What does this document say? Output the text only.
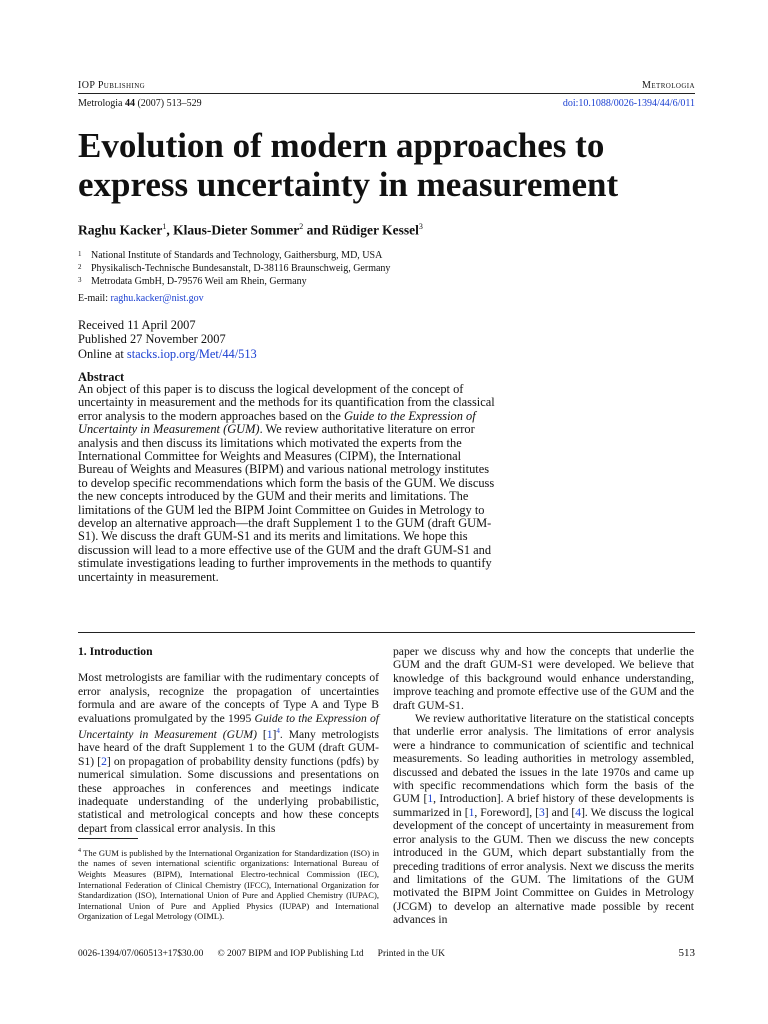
IOP Publishing	Metrologia
Metrologia 44 (2007) 513–529	doi:10.1088/0026-1394/44/6/011
Evolution of modern approaches to express uncertainty in measurement
Raghu Kacker$^1$, Klaus-Dieter Sommer$^2$ and Rüdiger Kessel$^3$
1 National Institute of Standards and Technology, Gaithersburg, MD, USA
2 Physikalisch-Technische Bundesanstalt, D-38116 Braunschweig, Germany
3 Metrodata GmbH, D-79576 Weil am Rhein, Germany
E-mail: raghu.kacker@nist.gov
Received 11 April 2007
Published 27 November 2007
Online at stacks.iop.org/Met/44/513
Abstract

An object of this paper is to discuss the logical development of the concept of uncertainty in measurement and the methods for its quantification from the classical error analysis to the modern approaches based on the Guide to the Expression of Uncertainty in Measurement (GUM). We review authoritative literature on error analysis and then discuss its limitations which motivated the experts from the International Committee for Weights and Measures (CIPM), the International Bureau of Weights and Measures (BIPM) and various national metrology institutes to develop specific recommendations which form the basis of the GUM. We discuss the new concepts introduced by the GUM and their merits and limitations. The limitations of the GUM led the BIPM Joint Committee on Guides in Metrology to develop an alternative approach—the draft Supplement 1 to the GUM (draft GUM-S1). We discuss the draft GUM-S1 and its merits and limitations. We hope this discussion will lead to a more effective use of the GUM and the draft GUM-S1 and stimulate investigations leading to further improvements in the methods to quantify uncertainty in measurement.

1. Introduction

Most metrologists are familiar with the rudimentary concepts of error analysis, recognize the propagation of uncertainties formula and are aware of the concepts of Type A and Type B evaluations promulgated by the 1995 Guide to the Expression of Uncertainty in Measurement (GUM) [1]$^4$. Many metrologists have heard of the draft Supplement 1 to the GUM (draft GUM-S1) [2] on propagation of probability density functions (pdfs) by numerical simulation. Some discussions and presentations on these approaches in conferences and meetings indicate inadequate understanding of the underlying probabilistic, statistical and metrological concepts and how these concepts depart from classical error analysis. In this

$^4$ The GUM is published by the International Organization for Standardization (ISO) in the names of seven international scientific organizations: International Bureau of Weights Measures (BIPM), International Electro-technical Commission (IEC), International Federation of Clinical Chemistry (IFCC), International Organization for Standardization (ISO), International Union of Pure and Applied Chemistry (IUPAC), International Union of Pure and Applied Physics (IUPAP) and International Organization of Legal Metrology (OIML).

paper we discuss why and how the concepts that underlie the GUM and the draft GUM-S1 were developed. We believe that knowledge of this background would enhance understanding, improve teaching and promote effective use of the GUM and the draft GUM-S1.

We review authoritative literature on the statistical concepts that underlie error analysis. The limitations of error analysis were a hindrance to communication of scientific and technical measurements. So leading authorities in metrology assembled, discussed and debated the issues in the late 1970s and came up with specific recommendations which form the basis of the GUM [1, Introduction]. A brief history of these developments is summarized in [1, Foreword], [3] and [4]. We discuss the logical development of the concept of uncertainty in measurement from error analysis to the GUM. Then we discuss the new concepts introduced in the GUM, which depart substantially from the preceding traditions of error analysis. Next we discuss the merits and limitations of the GUM. The limitations of the GUM motivated the BIPM Joint Committee on Guides in Metrology (JCGM) to develop an alternative made possible by recent advances in

0026-1394/07/060513+17$30.00 © 2007 BIPM and IOP Publishing Ltd Printed in the UK	513
